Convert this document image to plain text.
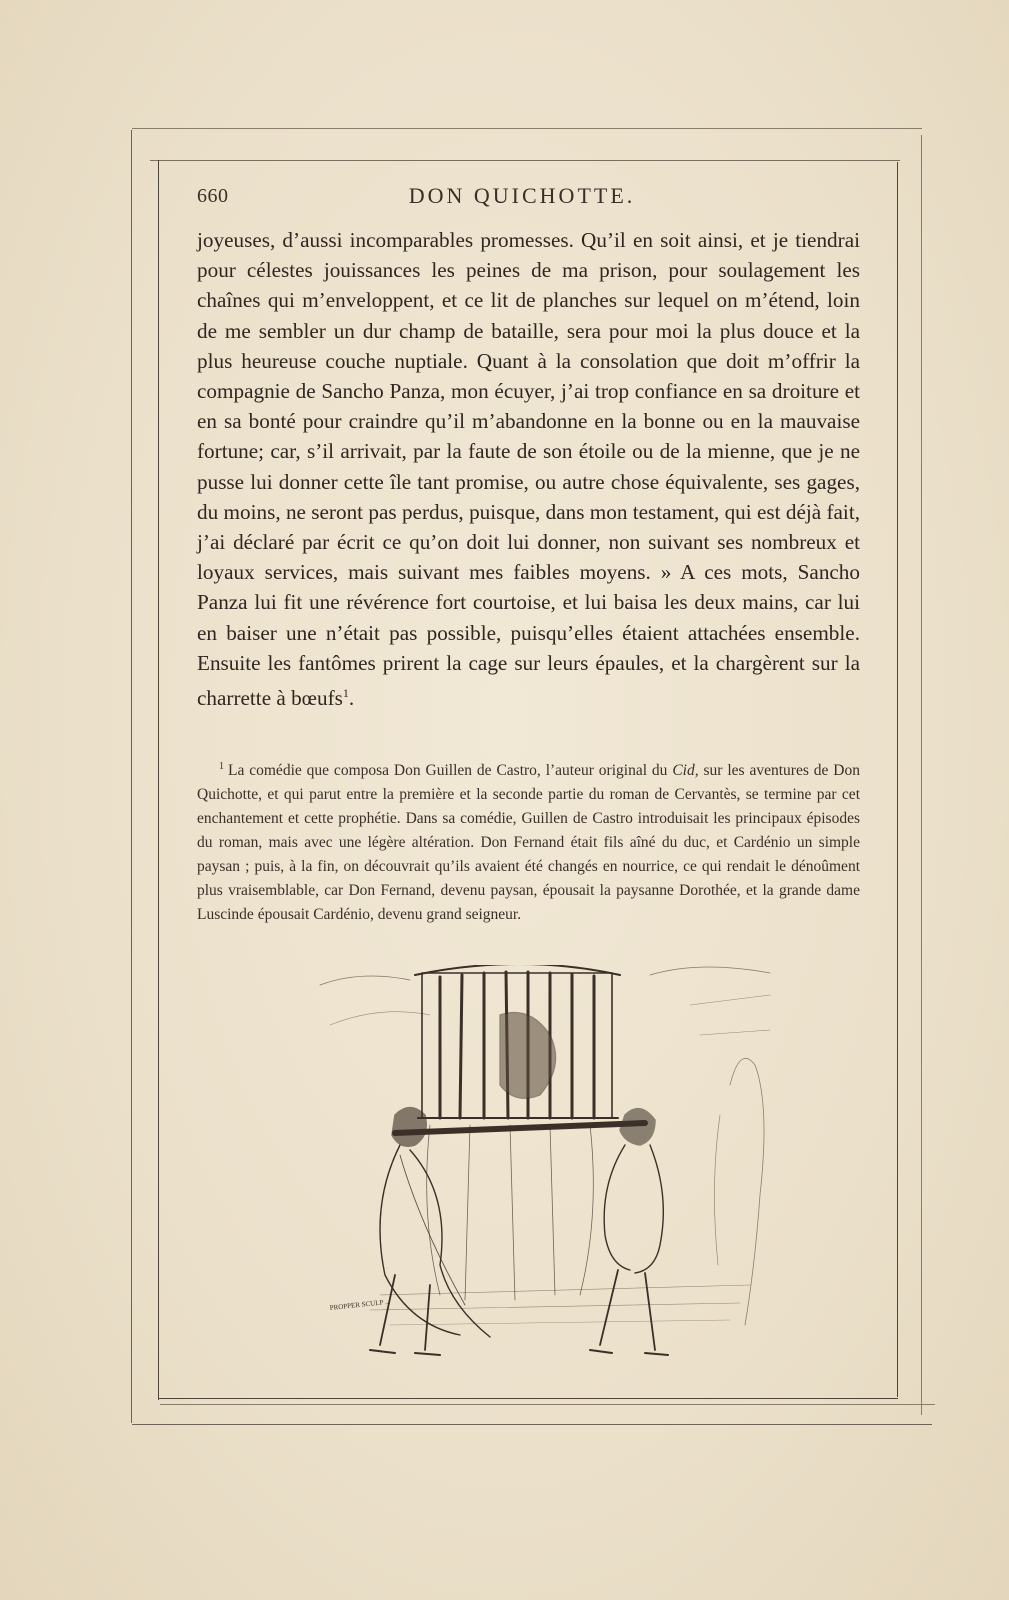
660	DON QUICHOTTE.

joyeuses, d’aussi incomparables promesses. Qu’il en soit ainsi, et je tiendrai pour célestes jouissances les peines de ma prison, pour soulagement les chaînes qui m’enveloppent, et ce lit de planches sur lequel on m’étend, loin de me sembler un dur champ de bataille, sera pour moi la plus douce et la plus heureuse couche nuptiale. Quant à la consolation que doit m’offrir la compagnie de Sancho Panza, mon écuyer, j’ai trop confiance en sa droiture et en sa bonté pour craindre qu’il m’abandonne en la bonne ou en la mauvaise fortune; car, s’il arrivait, par la faute de son étoile ou de la mienne, que je ne pusse lui donner cette île tant promise, ou autre chose équivalente, ses gages, du moins, ne seront pas perdus, puisque, dans mon testament, qui est déjà fait, j’ai déclaré par écrit ce qu’on doit lui donner, non suivant ses nombreux et loyaux services, mais suivant mes faibles moyens. » A ces mots, Sancho Panza lui fit une révérence fort courtoise, et lui baisa les deux mains, car lui en baiser une n’était pas possible, puisqu’elles étaient attachées ensemble. Ensuite les fantômes prirent la cage sur leurs épaules, et la chargèrent sur la charrette à bœufs$^1$.

$^1$ La comédie que composa Don Guillen de Castro, l’auteur original du Cid, sur les aventures de Don Quichotte, et qui parut entre la première et la seconde partie du roman de Cervantès, se termine par cet enchantement et cette prophétie. Dans sa comédie, Guillen de Castro introduisait les principaux épisodes du roman, mais avec une légère altération. Don Fernand était fils aîné du duc, et Cardénio un simple paysan ; puis, à la fin, on découvrait qu’ils avaient été changés en nourrice, ce qui rendait le dénoûment plus vraisemblable, car Don Fernand, devenu paysan, épousait la paysanne Dorothée, et la grande dame Luscinde épousait Cardénio, devenu grand seigneur.

PROPPER SCULP ...
